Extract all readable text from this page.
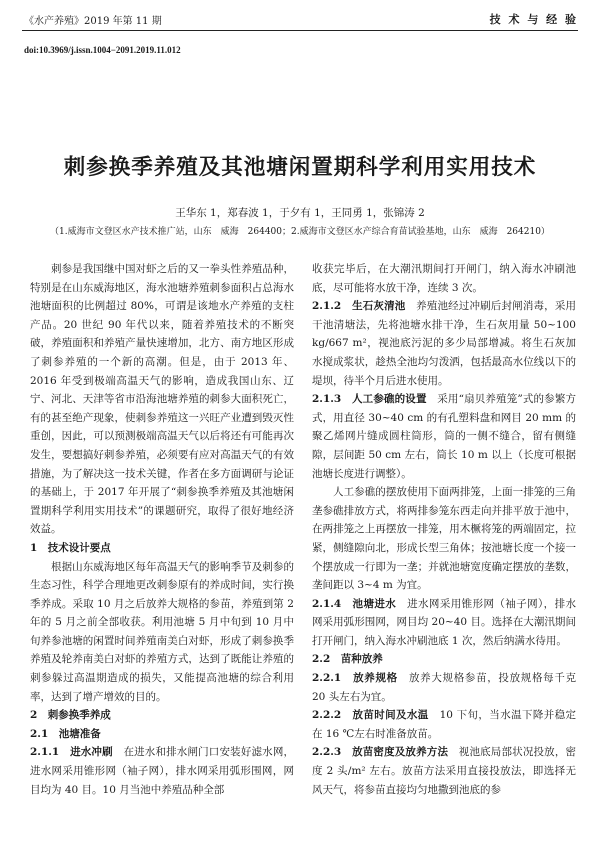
《水产养殖》2019 年第 11 期	技 术 与 经 验
doi:10.3969/j.issn.1004−2091.2019.11.012
刺参换季养殖及其池塘闲置期科学利用实用技术
王华东 1，郑春波 1，于夕有 1，王同勇 1，张锦涛 2
（1.威海市文登区水产技术推广站，山东　威海　264400；2.威海市文登区水产综合育苗试验基地，山东　威海　264210）

刺参是我国继中国对虾之后的又一拳头性养殖品种，特别是在山东威海地区，海水池塘养殖刺参面积占总海水池塘面积的比例超过 80%，可谓是该地水产养殖的支柱产品。20 世纪 90 年代以来，随着养殖技术的不断突破，养殖面积和养殖产量快速增加，北方、南方地区形成了刺参养殖的一个新的高潮。但是，由于 2013 年、2016 年受到极端高温天气的影响，造成我国山东、辽宁、河北、天津等省市沿海池塘养殖的刺参大面积死亡，有的甚至绝产现象，使刺参养殖这一兴旺产业遭到毁灭性重创，因此，可以预测极端高温天气以后将还有可能再次发生，要想搞好刺参养殖，必须要有应对高温天气的有效措施，为了解决这一技术关键，作者在多方面调研与论证的基础上，于 2017 年开展了“刺参换季养殖及其池塘闲置期科学利用实用技术”的课题研究，取得了很好地经济效益。

1　技术设计要点

根据山东威海地区每年高温天气的影响季节及刺参的生态习性，科学合理地更改刺参原有的养成时间，实行换季养成。采取 10 月之后放养大规格的参苗，养殖到第 2 年的 5 月之前全部收获。利用池塘 5 月中旬到 10 月中旬养参池塘的闲置时间养殖南美白对虾，形成了刺参换季养殖及轮养南美白对虾的养殖方式，达到了既能让养殖的刺参躲过高温期造成的损失，又能提高池塘的综合利用率，达到了增产增效的目的。

2　刺参换季养成

2.1　池塘准备

2.1.1　进水冲刷　 在进水和排水闸门口安装好滤水网，进水网采用锥形网（袖子网），排水网采用弧形围网，网目均为 40 目。10 月当池中养殖品种全部

收获完毕后，在大潮汛期间打开闸门，纳入海水冲刷池底，尽可能将水放干净，连续 3 次。

2.1.2　生石灰清池　 养殖池经过冲刷后封闸消毒，采用干池清塘法，先将池塘水排干净，生石灰用量 50~100 kg/667 m²，视池底污泥的多少局部增减。将生石灰加水搅成浆状，趁热全池均匀泼洒，包括最高水位线以下的堤坝，待半个月后进水使用。

2.1.3　人工参礁的设置　 采用“扇贝养殖笼”式的参繁方式，用直径 30~40 cm 的有孔塑料盘和网目 20 mm 的聚乙烯网片缝成圆柱筒形，筒的一侧不缝合，留有侧缝隙，层间距 50 cm 左右，筒长 10 m 以上（长度可根据池塘长度进行调整）。

人工参礁的摆放使用下面两排笼，上面一排笼的三角垄参礁排放方式，将两排参笼东西走向并排平放于池中，在两排笼之上再摆放一排笼，用木橛将笼的两端固定，拉紧，侧缝隙向北，形成长型三角体；按池塘长度一个接一个摆放成一行即为一垄；并就池塘宽度确定摆放的垄数，垄间距以 3~4 m 为宜。

2.1.4　池塘进水　 进水网采用锥形网（袖子网），排水网采用弧形围网，网目均 20~40 目。选择在大潮汛期间打开闸门，纳入海水冲刷池底 1 次，然后纳满水待用。

2.2　苗种放养

2.2.1　放养规格　 放养大规格参苗，投放规格每千克 20 头左右为宜。

2.2.2　放苗时间及水温　 10 下旬，当水温下降并稳定在 16 ℃左右时准备放苗。

2.2.3　放苗密度及放养方法　 视池底局部状况投放，密度 2 头/m² 左右。放苗方法采用直接投放法，即选择无风天气，将参苗直接均匀地撒到池底的参
